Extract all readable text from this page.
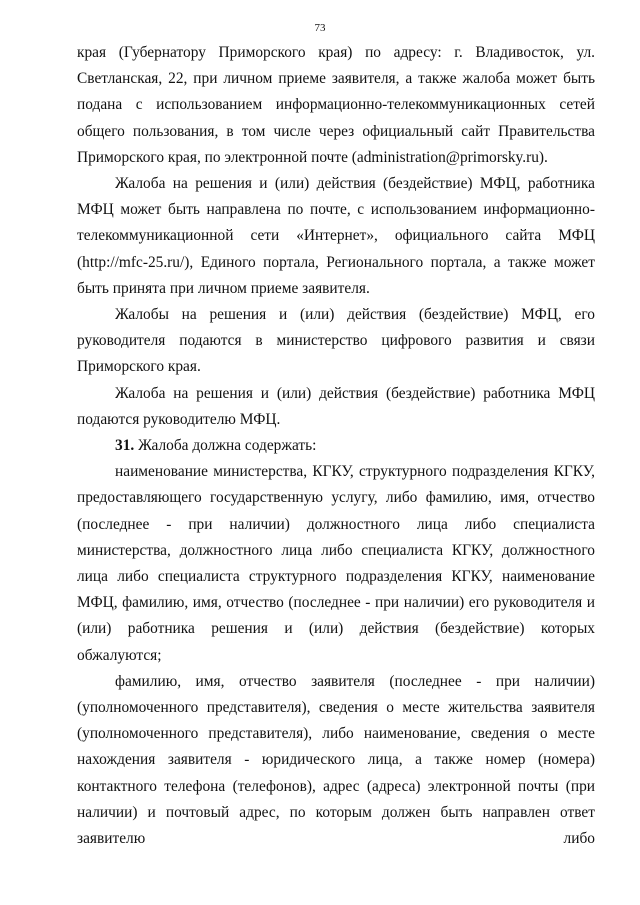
73

края (Губернатору Приморского края) по адресу: г. Владивосток, ул. Светланская, 22, при личном приеме заявителя, а также жалоба может быть подана с использованием информационно-телекоммуникационных сетей общего пользования, в том числе через официальный сайт Правительства Приморского края, по электронной почте (administration@primorsky.ru).

Жалоба на решения и (или) действия (бездействие) МФЦ, работника МФЦ может быть направлена по почте, с использованием информационно-телекоммуникационной сети «Интернет», официального сайта МФЦ (http://mfc-25.ru/), Единого портала, Регионального портала, а также может быть принята при личном приеме заявителя.

Жалобы на решения и (или) действия (бездействие) МФЦ, его руководителя подаются в министерство цифрового развития и связи Приморского края.

Жалоба на решения и (или) действия (бездействие) работника МФЦ подаются руководителю МФЦ.

31. Жалоба должна содержать:

наименование министерства, КГКУ, структурного подразделения КГКУ, предоставляющего государственную услугу, либо фамилию, имя, отчество (последнее - при наличии) должностного лица либо специалиста министерства, должностного лица либо специалиста КГКУ, должностного лица либо специалиста структурного подразделения КГКУ, наименование МФЦ, фамилию, имя, отчество (последнее - при наличии) его руководителя и (или) работника решения и (или) действия (бездействие) которых обжалуются;

фамилию, имя, отчество заявителя (последнее - при наличии) (уполномоченного представителя), сведения о месте жительства заявителя (уполномоченного представителя), либо наименование, сведения о месте нахождения заявителя - юридического лица, а также номер (номера) контактного телефона (телефонов), адрес (адреса) электронной почты (при наличии) и почтовый адрес, по которым должен быть направлен ответ заявителю либо
